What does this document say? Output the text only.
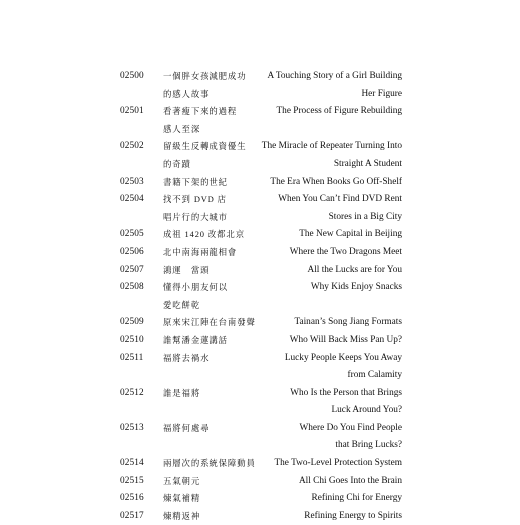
02500 一個胖女孩減肥成功 A Touching Story of a Girl Building
的感人故事	Her Figure
02501 看著瘦下來的過程	The Process of Figure Rebuilding
感人至深
02502 留級生反轉成資優生 The Miracle of Repeater Turning Into
的奇蹟	Straight A Student
02503 書籍下架的世紀	The Era When Books Go Off-Shelf
02504 找不到 DVD 店	When You Can’t Find DVD Rent
唱片行的大城市	Stores in a Big City
02505 成祖 1420 改都北京	The New Capital in Beijing
02506 北中南海兩龍相會	Where the Two Dragons Meet
02507 鴻運　當頭	All the Lucks are for You
02508 懂得小朋友何以	Why Kids Enjoy Snacks
愛吃餅乾
02509 原來宋江陣在台南發聲	Tainan’s Song Jiang Formats
02510 誰幫潘金蓮講話	Who Will Back Miss Pan Up?
02511 福將去禍水	Lucky People Keeps You Away
from Calamity
02512 誰是福將	Who Is the Person that Brings
Luck Around You?
02513 福將何處尋	Where Do You Find People
that Bring Lucks?
02514 兩層次的系統保障動員 The Two-Level Protection System
02515 五氣朝元	All Chi Goes Into the Brain
02516 煉氣補精	Refining Chi for Energy
02517 煉精返神	Refining Energy to Spirits
